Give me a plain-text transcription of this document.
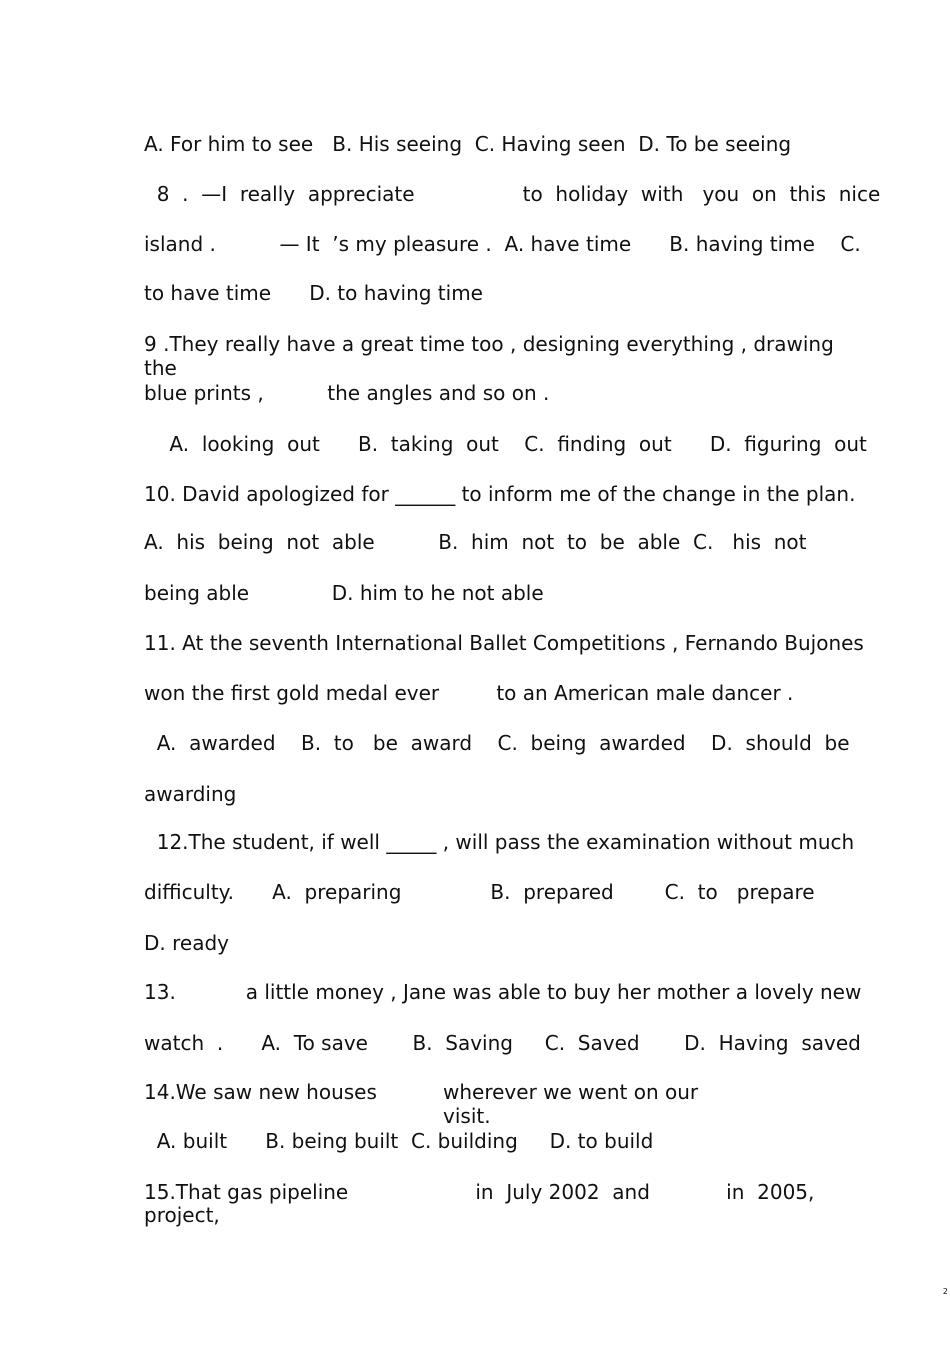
A. For him to see   B. His seeing  C. Having seen  D. To be seeing
8  .  —I  really  appreciate                 to  holiday  with   you  on  this  nice
island .          — It  ’s my pleasure .  A. have time      B. having time    C.
to have time      D. to having time
9 .They really have a great time too , designing everything , drawing the
blue prints ,          the angles and so on .
A.  looking  out      B.  taking  out    C.  finding  out      D.  figuring  out
10. David apologized for ______ to inform me of the change in the plan.
A.  his  being  not  able          B.  him  not  to  be  able  C.   his  not
being able             D. him to he not able
11. At the seventh International Ballet Competitions , Fernando Bujones
won the first gold medal ever         to an American male dancer .
A.  awarded    B.  to   be  award    C.  being  awarded    D.  should  be
awarding
12.The student, if well _____ , will pass the examination without much
difficulty.      A.  preparing              B.  prepared        C.  to   prepare
D. ready
13.           a little money , Jane was able to buy her mother a lovely new
watch  .      A.  To save       B.  Saving     C.  Saved       D.  Having  saved
14.We saw new houses	wherever we went on our visit.
A. built      B. being built  C. building     D. to build
15.That gas pipeline                    in  July 2002  and            in  2005,
project,
2
